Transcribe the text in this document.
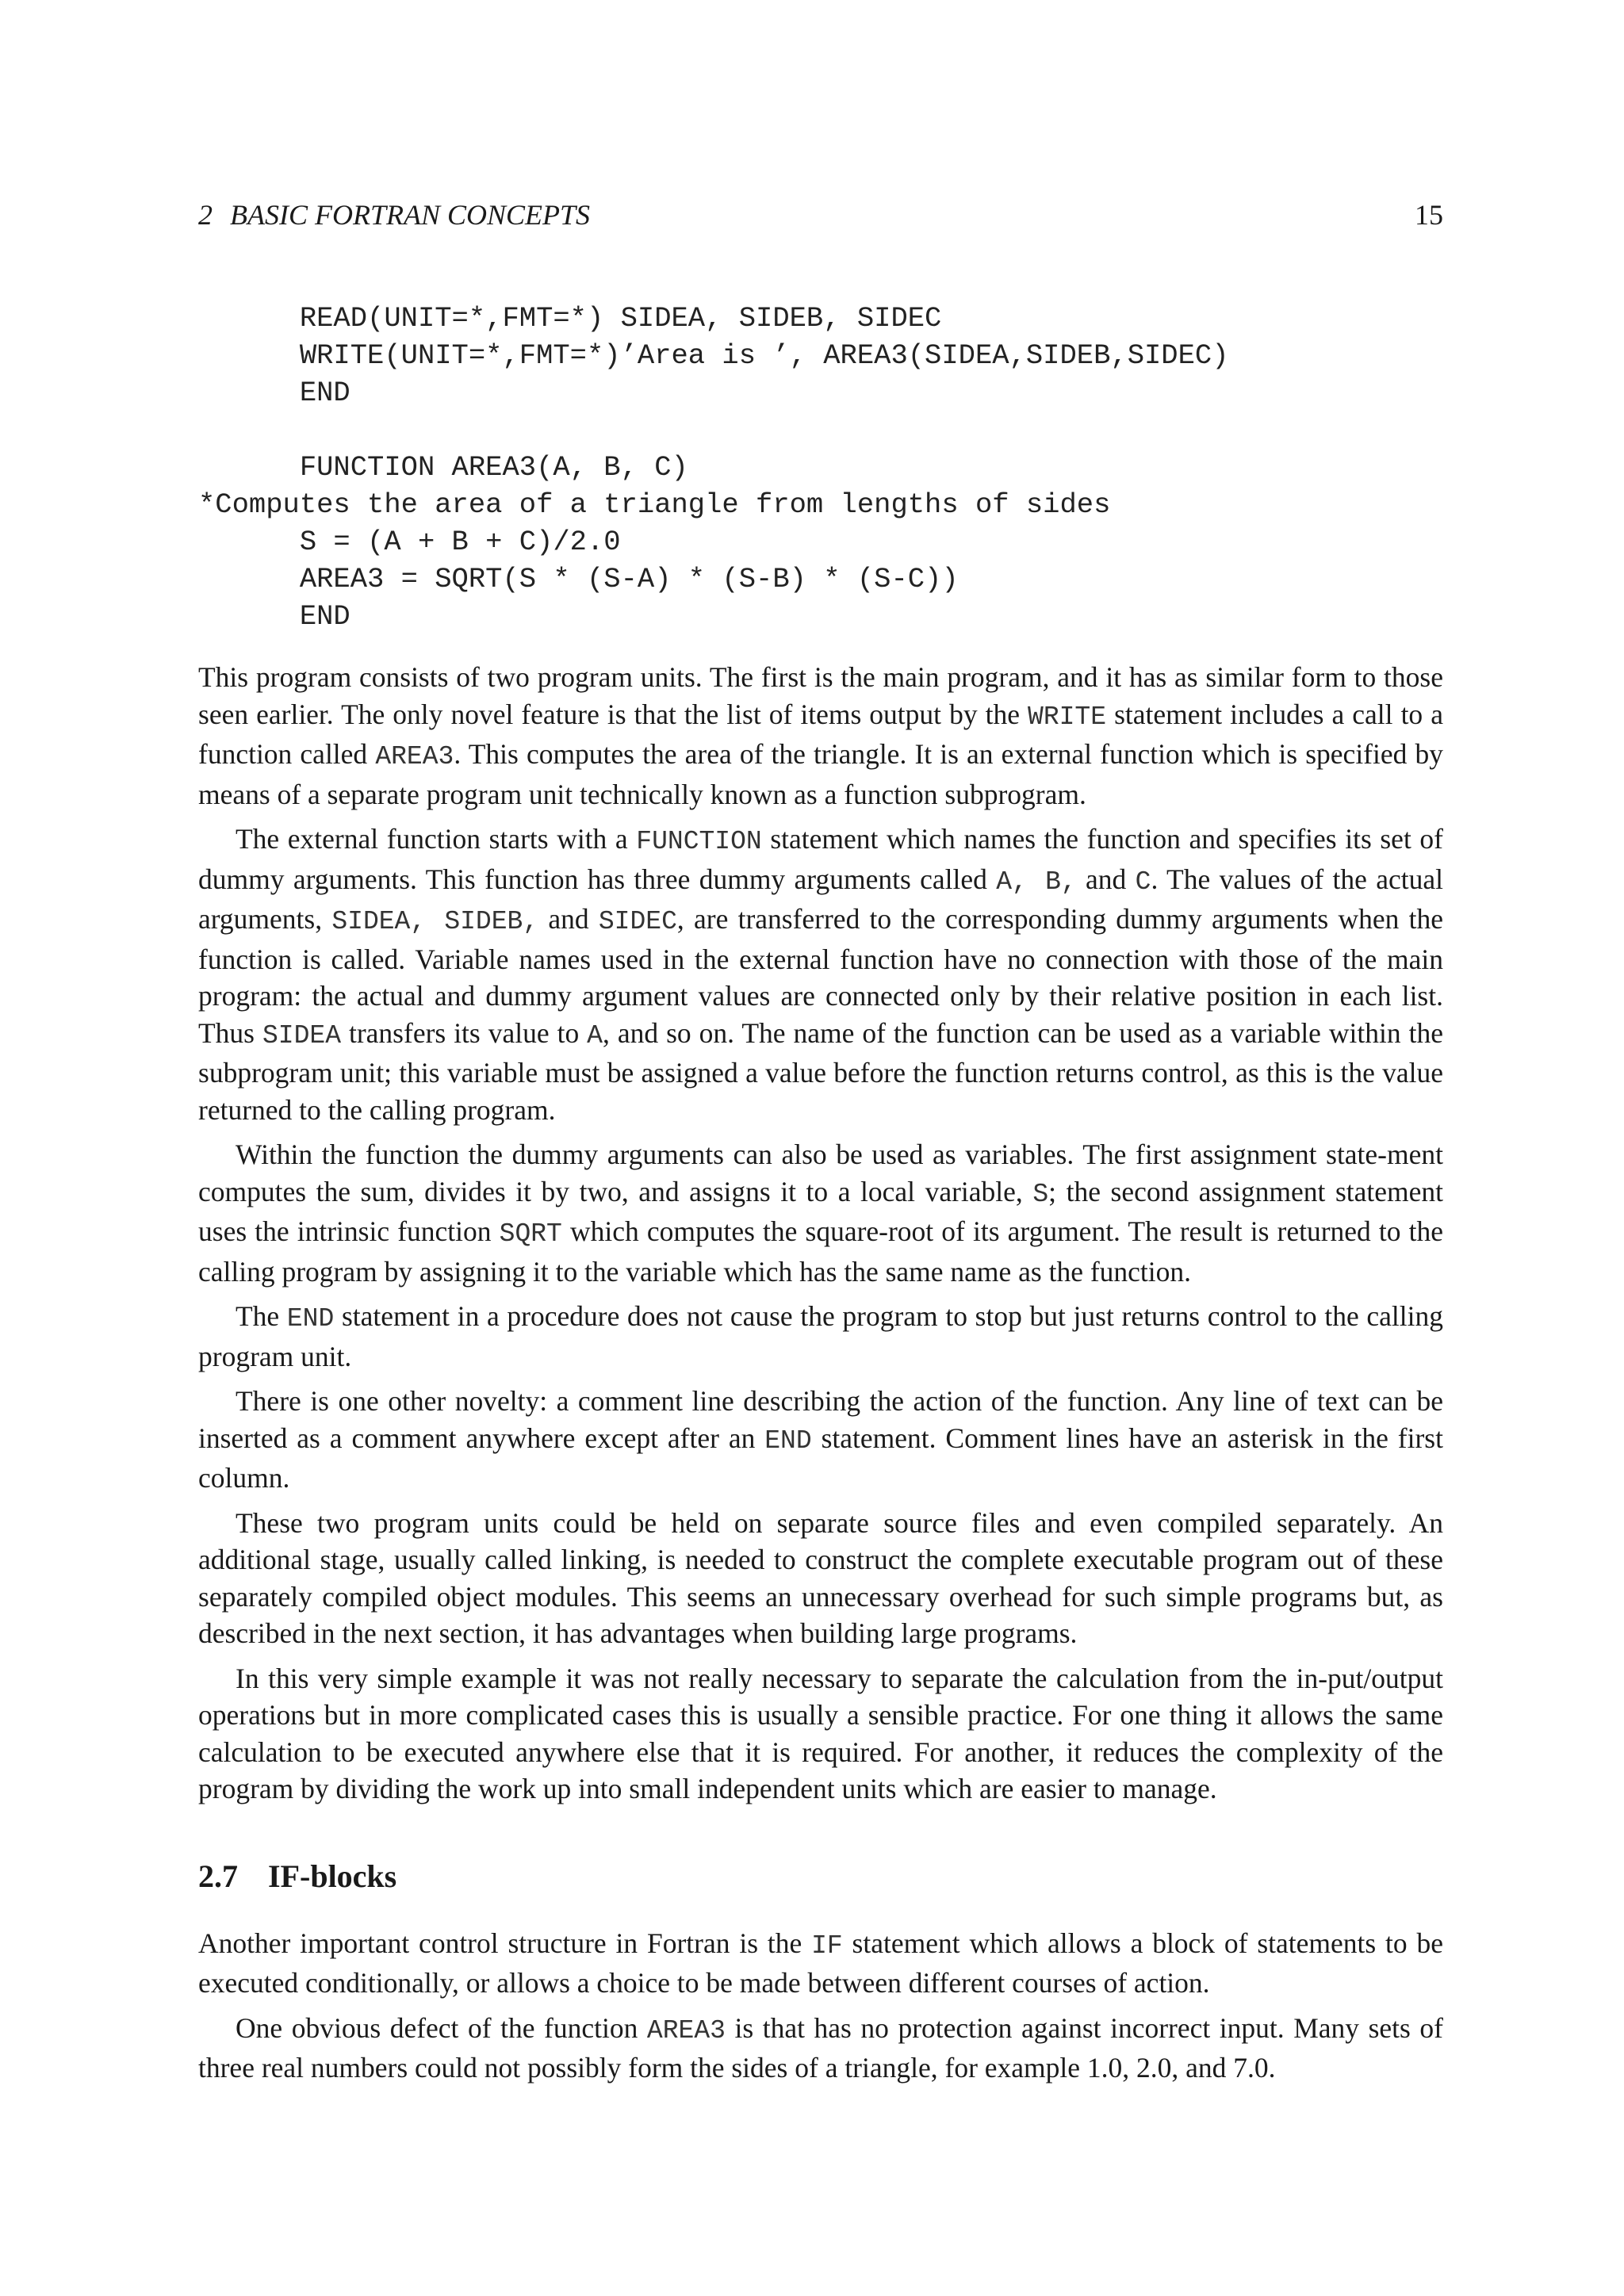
2 BASIC FORTRAN CONCEPTS	15
READ(UNIT=*,FMT=*) SIDEA, SIDEB, SIDEC
WRITE(UNIT=*,FMT=*)’Area is ’, AREA3(SIDEA,SIDEB,SIDEC)
END
FUNCTION AREA3(A, B, C)
*Computes the area of a triangle from lengths of sides
S = (A + B + C)/2.0
AREA3 = SQRT(S * (S-A) * (S-B) * (S-C))
END

This program consists of two program units. The first is the main program, and it has as similar form to those seen earlier. The only novel feature is that the list of items output by the WRITE statement includes a call to a function called AREA3. This computes the area of the triangle. It is an external function which is specified by means of a separate program unit technically known as a function subprogram.

The external function starts with a FUNCTION statement which names the function and specifies its set of dummy arguments. This function has three dummy arguments called A, B, and C. The values of the actual arguments, SIDEA, SIDEB, and SIDEC, are transferred to the corresponding dummy arguments when the function is called. Variable names used in the external function have no connection with those of the main program: the actual and dummy argument values are connected only by their relative position in each list. Thus SIDEA transfers its value to A, and so on. The name of the function can be used as a variable within the subprogram unit; this variable must be assigned a value before the function returns control, as this is the value returned to the calling program.

Within the function the dummy arguments can also be used as variables. The first assignment state-ment computes the sum, divides it by two, and assigns it to a local variable, S; the second assignment statement uses the intrinsic function SQRT which computes the square-root of its argument. The result is returned to the calling program by assigning it to the variable which has the same name as the function.

The END statement in a procedure does not cause the program to stop but just returns control to the calling program unit.

There is one other novelty: a comment line describing the action of the function. Any line of text can be inserted as a comment anywhere except after an END statement. Comment lines have an asterisk in the first column.

These two program units could be held on separate source files and even compiled separately. An additional stage, usually called linking, is needed to construct the complete executable program out of these separately compiled object modules. This seems an unnecessary overhead for such simple programs but, as described in the next section, it has advantages when building large programs.

In this very simple example it was not really necessary to separate the calculation from the in-put/output operations but in more complicated cases this is usually a sensible practice. For one thing it allows the same calculation to be executed anywhere else that it is required. For another, it reduces the complexity of the program by dividing the work up into small independent units which are easier to manage.

2.7 IF-blocks

Another important control structure in Fortran is the IF statement which allows a block of statements to be executed conditionally, or allows a choice to be made between different courses of action.

One obvious defect of the function AREA3 is that has no protection against incorrect input. Many sets of three real numbers could not possibly form the sides of a triangle, for example 1.0, 2.0, and 7.0.
